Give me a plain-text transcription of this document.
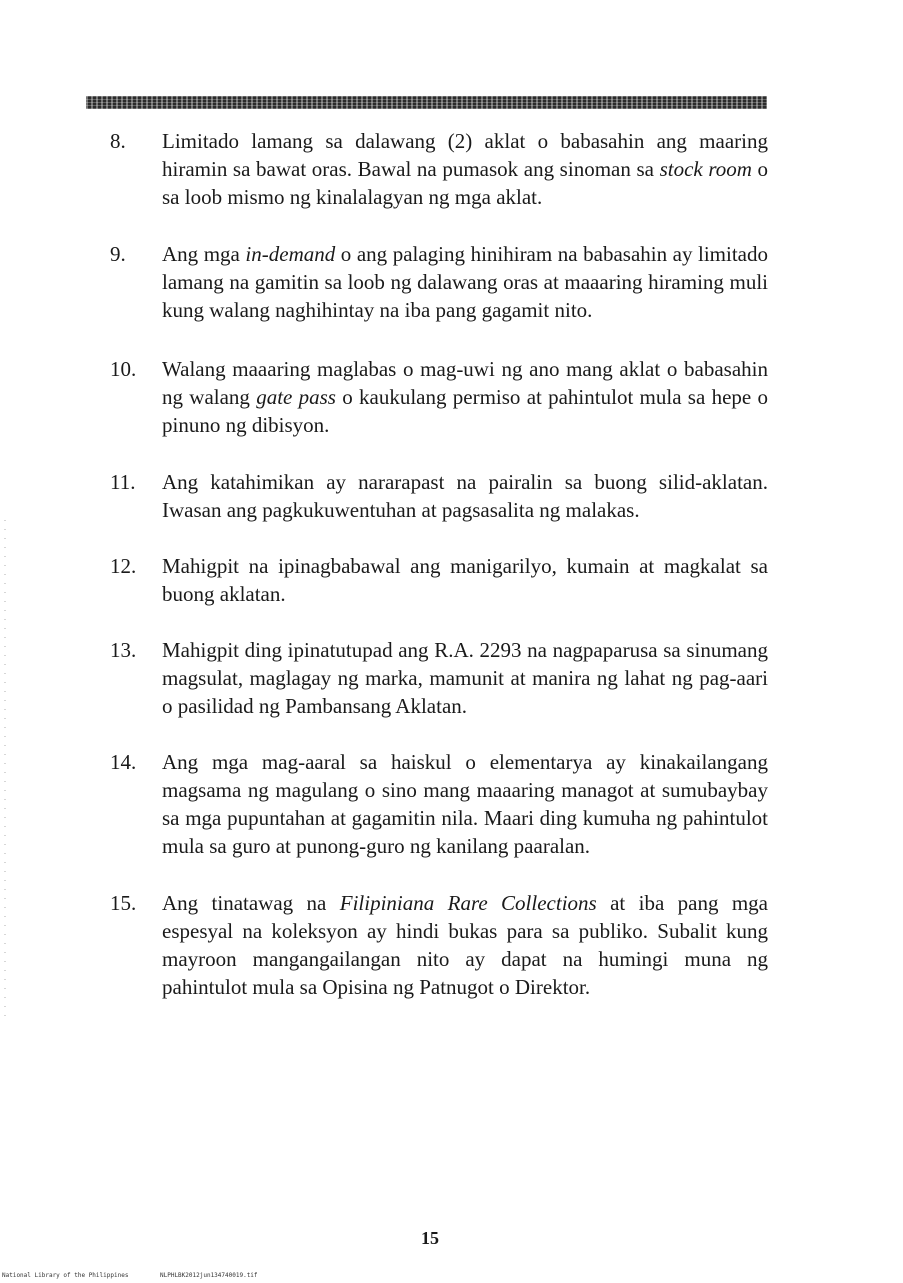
8.	Limitado lamang sa dalawang (2) aklat o babasahin ang maaring hiramin sa bawat oras. Bawal na pumasok ang sinoman sa stock room o sa loob mismo ng kinalalagyan ng mga aklat.

9.	Ang mga in-demand o ang palaging hinihiram na babasahin ay limitado lamang na gamitin sa loob ng dalawang oras at maaaring hiraming muli kung walang naghihintay na iba pang gagamit nito.

10.	Walang maaaring maglabas o mag-uwi ng ano mang aklat o babasahin ng walang gate pass o kaukulang permiso at pahintulot mula sa hepe o pinuno ng dibisyon.

11.	Ang katahimikan ay nararapast na pairalin sa buong silid-aklatan. Iwasan ang pagkukuwentuhan at pagsasalita ng malakas.

12.	Mahigpit na ipinagbabawal ang manigarilyo, kumain at magkalat sa buong aklatan.

13.	Mahigpit ding ipinatutupad ang R.A. 2293 na nagpaparusa sa sinumang magsulat, maglagay ng marka, mamunit at manira ng lahat ng pag-aari o pasilidad ng Pambansang Aklatan.

14.	Ang mga mag-aaral sa haiskul o elementarya ay kinakailangang magsama ng magulang o sino mang maaaring managot at sumubaybay sa mga pupuntahan at gagamitin nila. Maari ding kumuha ng pahintulot mula sa guro at punong-guro ng kanilang paaralan.

15.	Ang tinatawag na Filipiniana Rare Collections at iba pang mga espesyal na koleksyon ay hindi bukas para sa publiko. Subalit kung mayroon mangangailangan nito ay dapat na humingi muna ng pahintulot mula sa Opisina ng Patnugot o Direktor.

15
National Library of the Philippines	NLPHLBK2012jun134740019.tif
